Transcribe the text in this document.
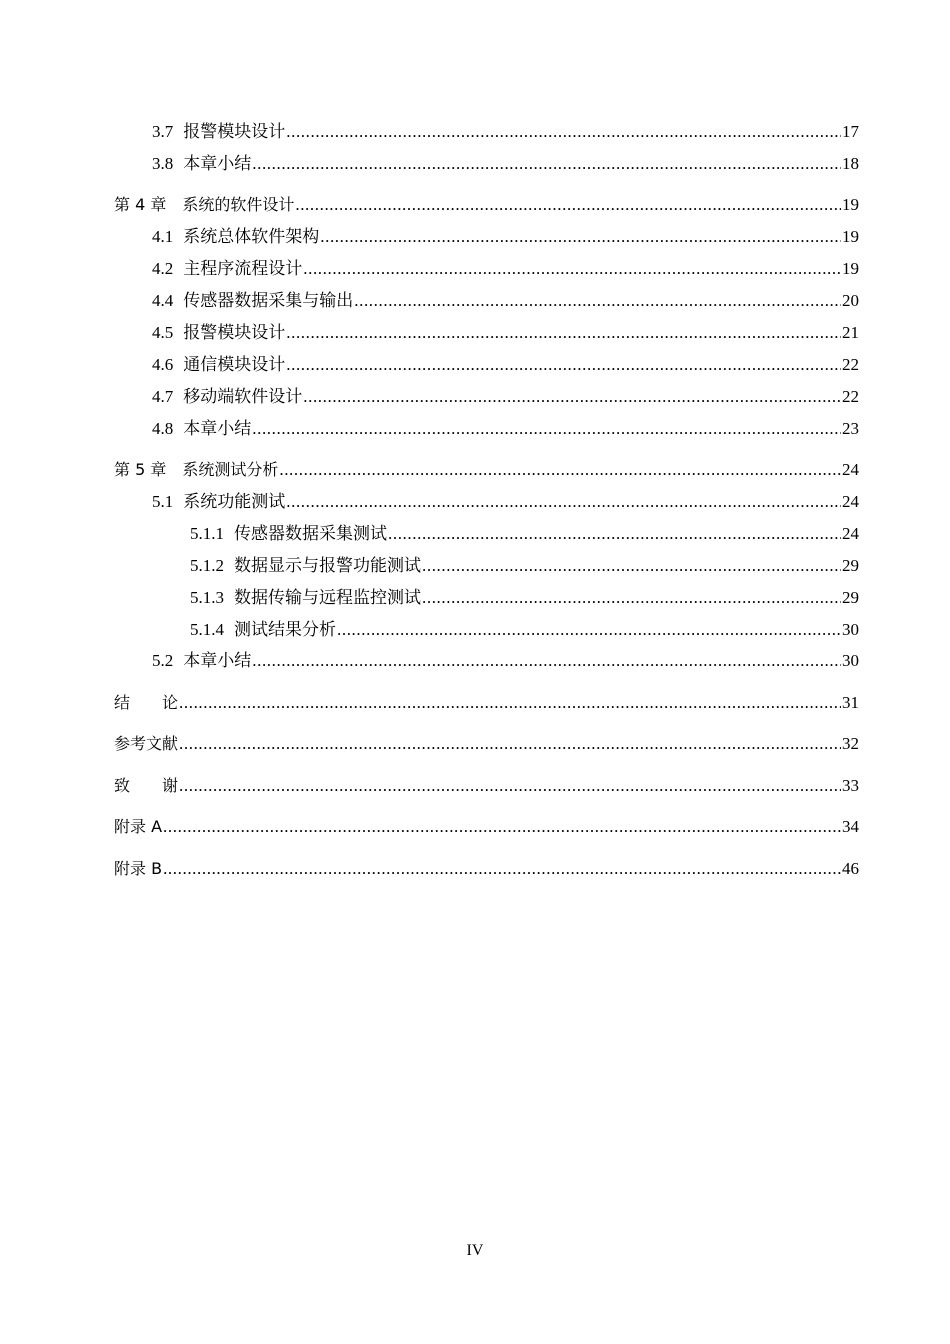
3.7 报警模块设计 .....	17
3.8 本章小结 .....	18
第 4 章　系统的软件设计 .....	19
4.1 系统总体软件架构 .....	19
4.2 主程序流程设计 .....	19
4.4 传感器数据采集与输出 .....	20
4.5 报警模块设计 .....	21
4.6 通信模块设计 .....	22
4.7 移动端软件设计 .....	22
4.8 本章小结 .....	23
第 5 章　系统测试分析 .....	24
5.1 系统功能测试 .....	24
5.1.1 传感器数据采集测试 .....	24
5.1.2 数据显示与报警功能测试 .....	29
5.1.3 数据传输与远程监控测试 .....	29
5.1.4 测试结果分析 .....	30
5.2 本章小结 .....	30
结　　论 .....	31
参考文献 .....	32
致　　谢 .....	33
附录 A .....	34
附录 B .....	46
IV
